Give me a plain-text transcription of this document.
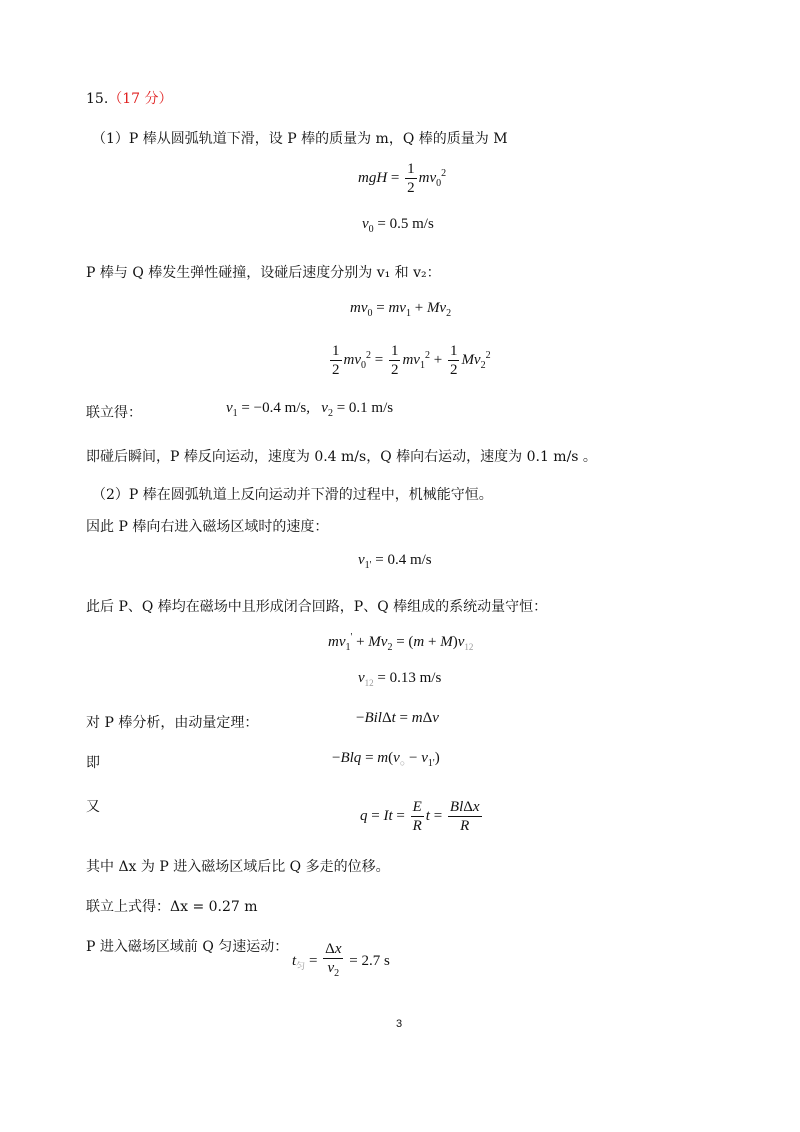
15.（17 分）
（1）P 棒从圆弧轨道下滑，设 P 棒的质量为 m，Q 棒的质量为 M
mgH = $\frac{1}{2} mv_0^2$
$v_0 = 0.5$ m/s
P 棒与 Q 棒发生弹性碰撞，设碰后速度分别为 v₁ 和 v₂：
$mv_0 = mv_1 + Mv_2$
$\frac{1}{2} mv_0^2 = \frac{1}{2} mv_1^2 + \frac{1}{2} Mv_2^2$
联立得：	$v_1 = -0.4$ m/s,   $v_2 = 0.1$ m/s
即碰后瞬间，P 棒反向运动，速度为 0.4 m/s，Q 棒向右运动，速度为 0.1 m/s 。
（2）P 棒在圆弧轨道上反向运动并下滑的过程中，机械能守恒。
因此 P 棒向右进入磁场区域时的速度：
$v_{1'} = 0.4$ m/s
此后 P、Q 棒均在磁场中且形成闭合回路，P、Q 棒组成的系统动量守恒：
$mv_1' + Mv_2 = (m + M)v_{12}$
$v_{12} = 0.13$ m/s
对 P 棒分析，由动量定理：	−BilΔt = mΔv
即	$-Blq = m(v_○ - v_{1'})$
又
$q = It = \frac{E}{R}$ $t = \frac{\text{BlΔx}}{R}$
其中 Δx 为 P 进入磁场区域后比 Q 多走的位移。
联立上式得：Δx = 0.27 m
P 进入磁场区域前 Q 匀速运动：
$t_匀 = \frac{\Delta x}{v_2} = 2.7$ s
3
